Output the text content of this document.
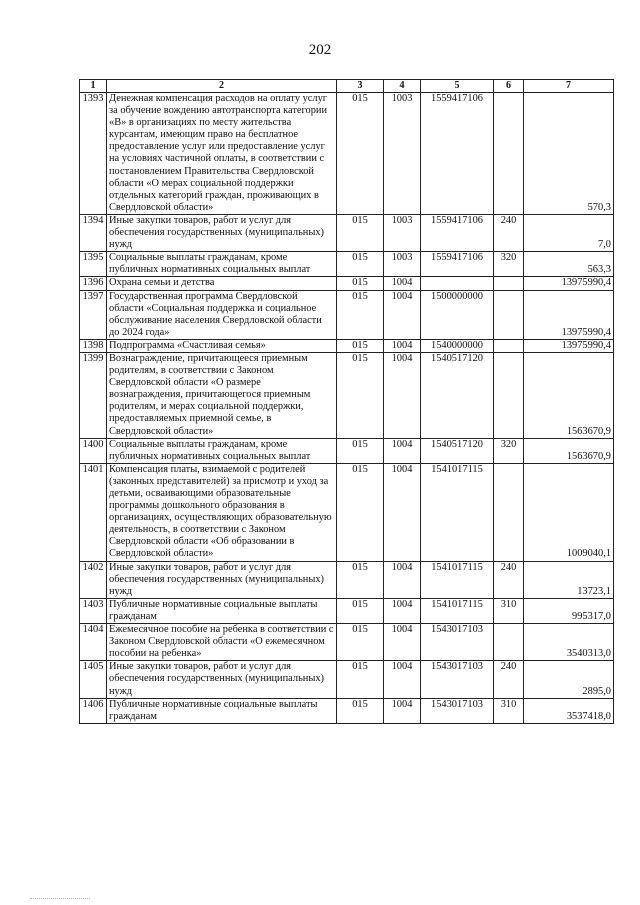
202
1	2	3	4	5	6	7
1393	Денежная компенсация расходов на оплату услуг за обучение вождению автотранспорта категории «В» в организациях по месту жительства курсантам, имеющим право на бесплатное предоставление услуг или предоставление услуг на условиях частичной оплаты, в соответствии с постановлением Правительства Свердловской области «О мерах социальной поддержки отдельных категорий граждан, проживающих в Свердловской области»	015	1003	1559417106		570,3
1394	Иные закупки товаров, работ и услуг для обеспечения государственных (муниципальных) нужд	015	1003	1559417106	240	7,0
1395	Социальные выплаты гражданам, кроме публичных нормативных социальных выплат	015	1003	1559417106	320	563,3
1396	Охрана семьи и детства	015	1004			13975990,4
1397	Государственная программа Свердловской области «Социальная поддержка и социальное обслуживание населения Свердловской области до 2024 года»	015	1004	1500000000		13975990,4
1398	Подпрограмма «Счастливая семья»	015	1004	1540000000		13975990,4
1399	Вознаграждение, причитающееся приемным родителям, в соответствии с Законом Свердловской области «О размере вознаграждения, причитающегося приемным родителям, и мерах социальной поддержки, предоставляемых приемной семье, в Свердловской области»	015	1004	1540517120		1563670,9
1400	Социальные выплаты гражданам, кроме публичных нормативных социальных выплат	015	1004	1540517120	320	1563670,9
1401	Компенсация платы, взимаемой с родителей (законных представителей) за присмотр и уход за детьми, осваивающими образовательные программы дошкольного образования в организациях, осуществляющих образовательную деятельность, в соответствии с Законом Свердловской области «Об образовании в Свердловской области»	015	1004	1541017115		1009040,1
1402	Иные закупки товаров, работ и услуг для обеспечения государственных (муниципальных) нужд	015	1004	1541017115	240	13723,1
1403	Публичные нормативные социальные выплаты гражданам	015	1004	1541017115	310	995317,0
1404	Ежемесячное пособие на ребенка в соответствии с Законом Свердловской области «О ежемесячном пособии на ребенка»	015	1004	1543017103		3540313,0
1405	Иные закупки товаров, работ и услуг для обеспечения государственных (муниципальных) нужд	015	1004	1543017103	240	2895,0
1406	Публичные нормативные социальные выплаты гражданам	015	1004	1543017103	310	3537418,0
